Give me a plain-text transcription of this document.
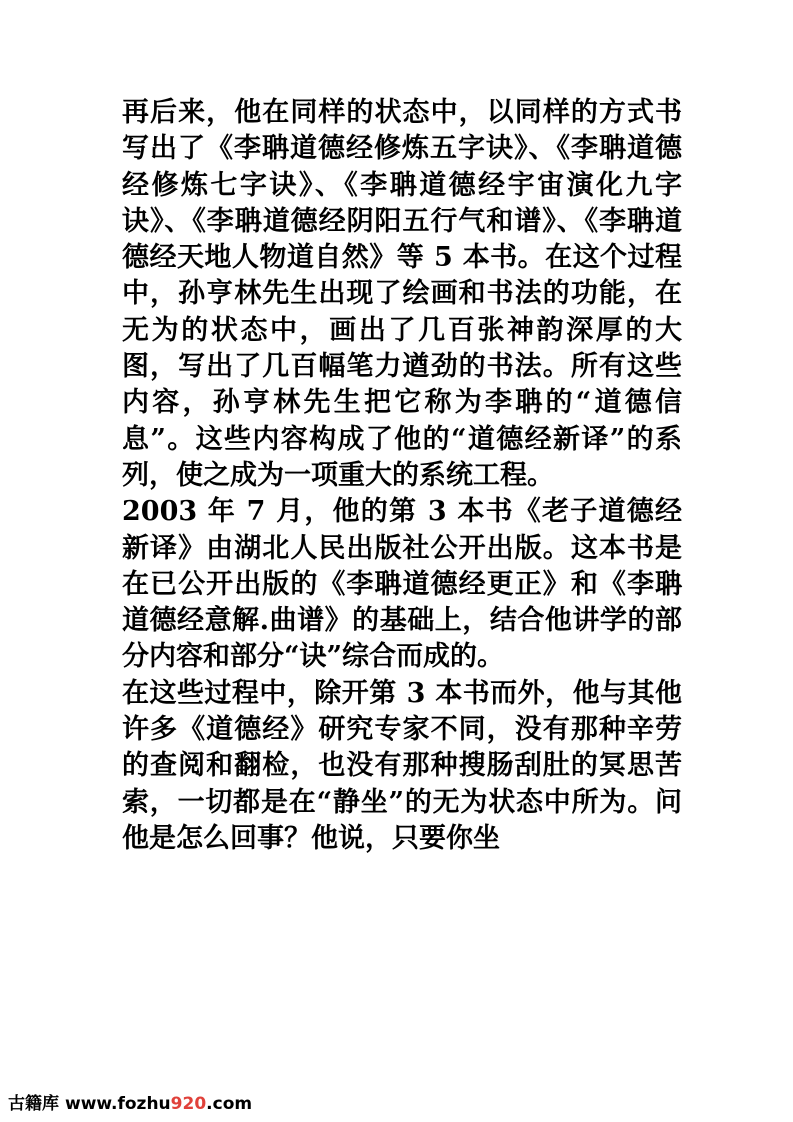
再后来，他在同样的状态中，以同样的方式书写出了《李聃道德经修炼五字诀》、《李聃道德经修炼七字诀》、《李聃道德经宇宙演化九字诀》、《李聃道德经阴阳五行气和谱》、《李聃道德经天地人物道自然》等 5 本书。在这个过程中，孙亨林先生出现了绘画和书法的功能，在无为的状态中，画出了几百张神韵深厚的大图，写出了几百幅笔力遒劲的书法。所有这些内容，孙亨林先生把它称为李聃的“道德信息”。这些内容构成了他的“道德经新译”的系列，使之成为一项重大的系统工程。

2003 年 7 月，他的第 3 本书《老子道德经新译》由湖北人民出版社公开出版。这本书是在已公开出版的《李聃道德经更正》和《李聃道德经意解.曲谱》的基础上，结合他讲学的部分内容和部分“诀”综合而成的。

在这些过程中，除开第 3 本书而外，他与其他许多《道德经》研究专家不同，没有那种辛劳的查阅和翻检，也没有那种搜肠刮肚的冥思苦索，一切都是在“静坐”的无为状态中所为。问他是怎么回事？他说，只要你坐

古籍库 www.fozhu920.com
